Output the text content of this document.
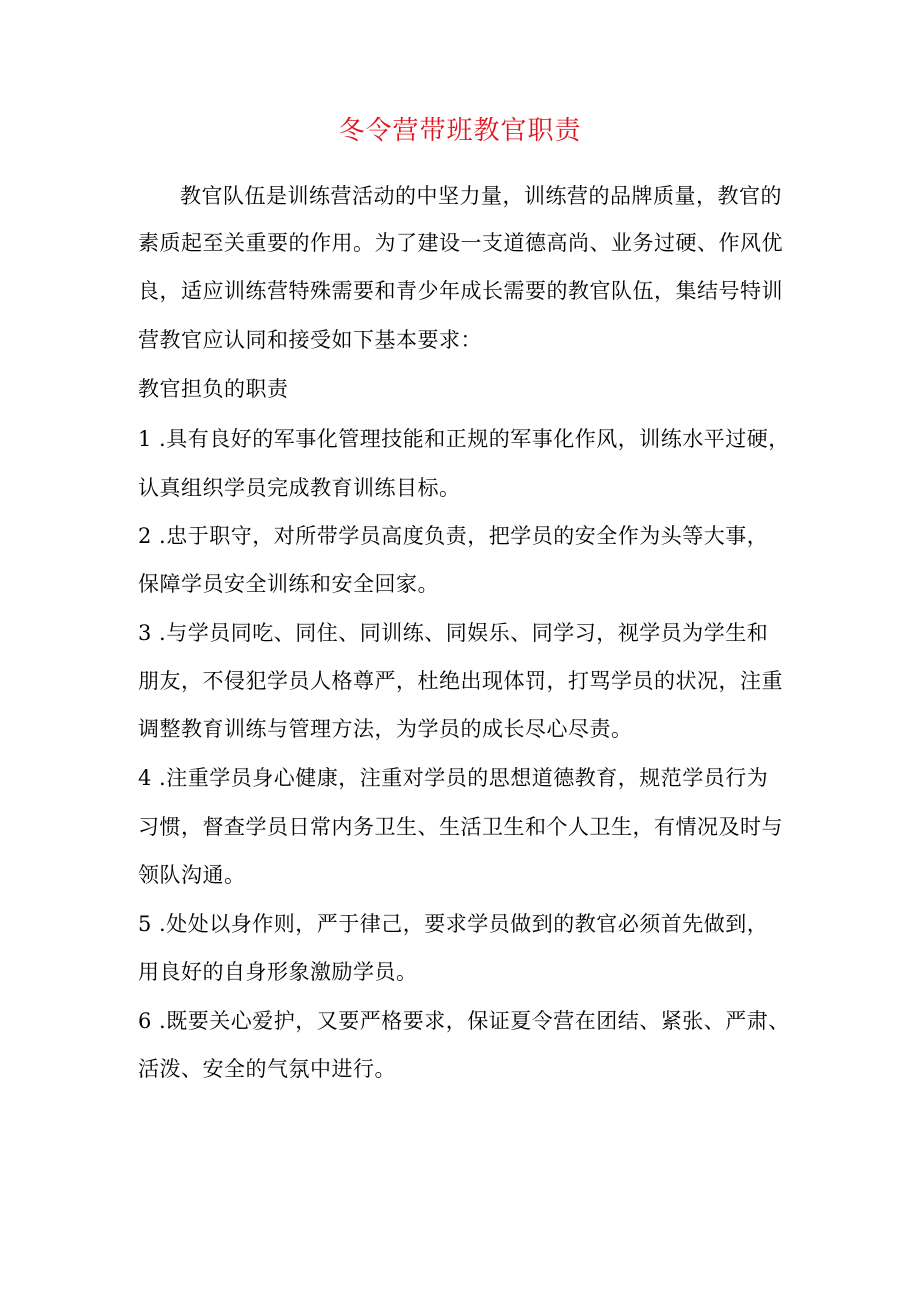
冬令营带班教官职责
教官队伍是训练营活动的中坚力量，训练营的品牌质量，教官的
素质起至关重要的作用。为了建设一支道德高尚、业务过硬、作风优
良，适应训练营特殊需要和青少年成长需要的教官队伍，集结号特训
营教官应认同和接受如下基本要求：
教官担负的职责
1 .具有良好的军事化管理技能和正规的军事化作风，训练水平过硬，
认真组织学员完成教育训练目标。
2 .忠于职守，对所带学员高度负责，把学员的安全作为头等大事，
保障学员安全训练和安全回家。
3 .与学员同吃、同住、同训练、同娱乐、同学习，视学员为学生和
朋友，不侵犯学员人格尊严，杜绝出现体罚，打骂学员的状况，注重
调整教育训练与管理方法，为学员的成长尽心尽责。
4 .注重学员身心健康，注重对学员的思想道德教育，规范学员行为
习惯，督查学员日常内务卫生、生活卫生和个人卫生，有情况及时与
领队沟通。
5 .处处以身作则，严于律己，要求学员做到的教官必须首先做到，
用良好的自身形象激励学员。
6 .既要关心爱护，又要严格要求，保证夏令营在团结、紧张、严肃、
活泼、安全的气氛中进行。
